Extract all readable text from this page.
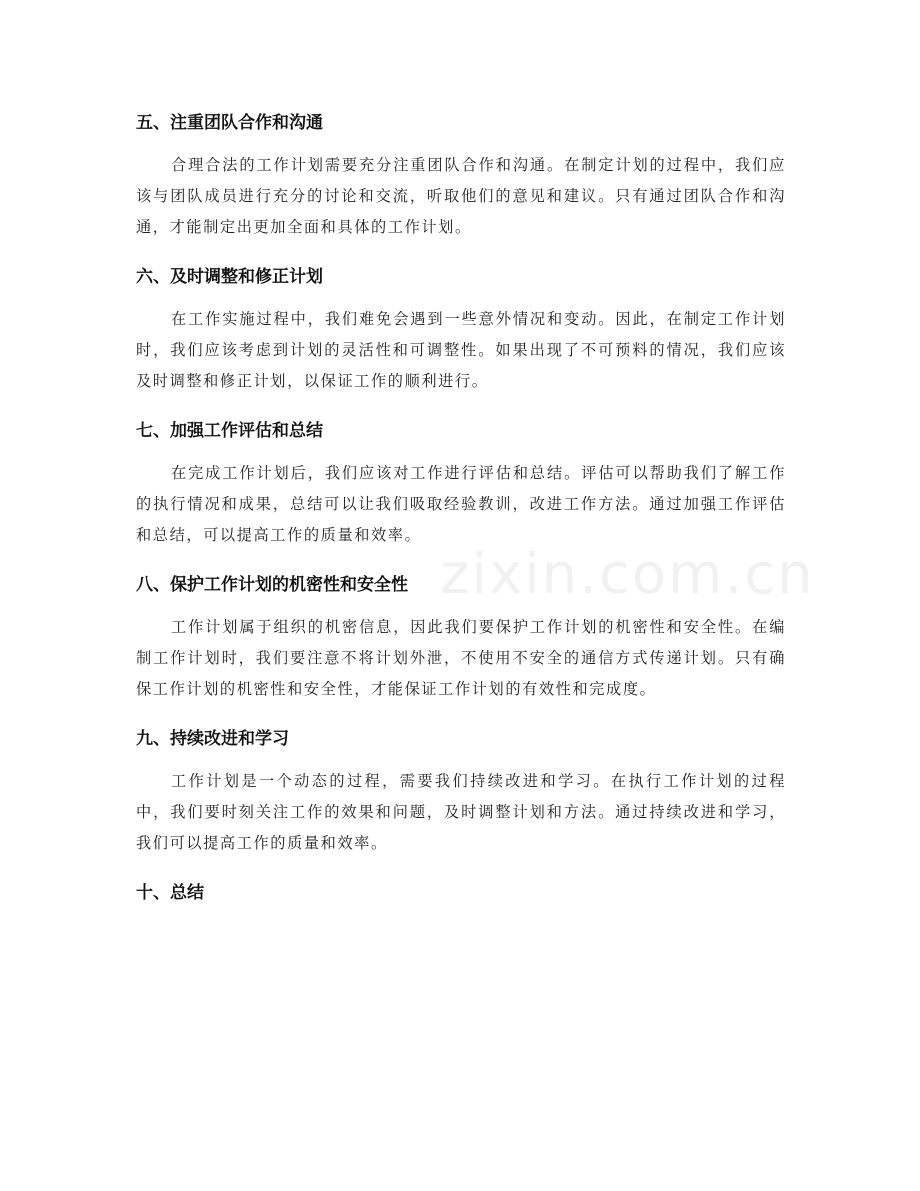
五、注重团队合作和沟通

合理合法的工作计划需要充分注重团队合作和沟通。在制定计划的过程中，我们应该与团队成员进行充分的讨论和交流，听取他们的意见和建议。只有通过团队合作和沟通，才能制定出更加全面和具体的工作计划。

六、及时调整和修正计划

在工作实施过程中，我们难免会遇到一些意外情况和变动。因此，在制定工作计划时，我们应该考虑到计划的灵活性和可调整性。如果出现了不可预料的情况，我们应该及时调整和修正计划，以保证工作的顺利进行。

七、加强工作评估和总结

在完成工作计划后，我们应该对工作进行评估和总结。评估可以帮助我们了解工作的执行情况和成果，总结可以让我们吸取经验教训，改进工作方法。通过加强工作评估和总结，可以提高工作的质量和效率。

八、保护工作计划的机密性和安全性

工作计划属于组织的机密信息，因此我们要保护工作计划的机密性和安全性。在编制工作计划时，我们要注意不将计划外泄，不使用不安全的通信方式传递计划。只有确保工作计划的机密性和安全性，才能保证工作计划的有效性和完成度。

九、持续改进和学习

工作计划是一个动态的过程，需要我们持续改进和学习。在执行工作计划的过程中，我们要时刻关注工作的效果和问题，及时调整计划和方法。通过持续改进和学习，我们可以提高工作的质量和效率。

十、总结
zixin.com.cn
